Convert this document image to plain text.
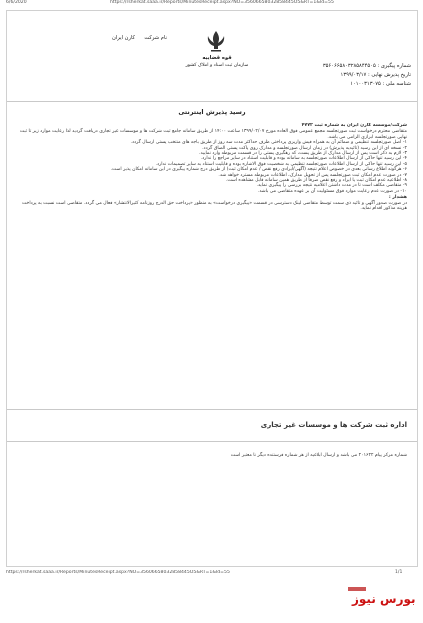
6/6/2020	https://rsherkat.saaa.ir/Reports/MinutesReceipt.aspx?NO=35606658032858445O5&RT=1&Id=55
نام شرکت  کارن ایران
قوه قضاییه
سازمان ثبت اسناد و املاک کشور	شماره پیگیری : ۳۵۶۰۶۶۵۸۰۳۲۸۵۸۴۴۵۰۵
تاریخ پذیرش نهایی : ۱۳۹۹/۰۳/۱۷
شناسه ملی : ۱۰۱۰۰۳۱۳۰۷۵
رسید پذیرش اینترنتی
شرکت/موسسه کارن ایران به شماره ثبت ۴۷۷۲
متقاضی محترم درخواست ثبت صورتجلسه مجمع عمومی فوق العاده مورخ ۱۳۹۹/۰۲/۰۷ ساعت ۱۴:۰۰ از طریق سامانه جامع ثبت شرکت ها و موسسات غیر تجاری دریافت گردید لذا رعایت موارد زیر تا ثبت نهایی صورتجلسه ابرازی الزامی می باشد.
۱- اصل صورتجلسه تنظیمی و ضمائم آن به همراه فیش واریزی پرداختی ظرف حداکثر مدت سه روز از طریق باجه های منتخب پستی ارسال گردد.
۲- نسخه ای از این رسید (تائیدیه پذیرش) در زمان ارسال صورتجلسه و مدارک روی پاکت پستی الصاق گردد.
۳- لازم به ذکر است پس از ارسال مدارک از طریق پست، کد رهگیری پستی را در قسمت مربوطه وارد نمایید.
۴- این رسید تنها حاکی از ارسال اطلاعات صورتجلسه به سامانه بوده و قابلیت استناد در سایر مراجع را ندارد.
۵- این رسید تنها حاکی از ارسال اطلاعات صورتجلسه تنظیمی به شخصیت فوق الاشاره بوده و قابلیت استناد به سایر تصمیمات ندارد.
۶- هرگونه اطلاع رسانی بعدی در خصوص اعلام نتیجه (آگهی/ایرادی رفع نقص / عدم امکان ثبت) از طریق درج شماره پیگیری در این سامانه امکان پذیر است.
۷- در صورت عدم امکان ثبت صورتجلسه پس از تحویل مدارک، اطلاعات مربوطه مسترد خواهد شد.
۸- اطلاعیه عدم امکان ثبت یا ایراد و رفع نقص صرفاً از طریق همین سامانه قابل مشاهده است.
۹- متقاضی مکلف است تا در مدت داشتن اعلامیه نتیجه بررسی را پیگیری نماید.
۱۰- در صورت عدم رعایت موارد فوق مسئولیت آن بر عهده متقاضی می باشد.
هشدار :
در صورت صدور آگهی و تائید ذی سمت توسط متقاضی لینک دسترسی در قسمت «پیگیری درخواست» به منظور «پرداخت حق الدرج روزنامه کثیرالانتشار» فعال می گردد. متقاضی است نسبت به پرداخت هزینه مذکور اقدام نماید.
اداره ثبت شرکت ها و موسسات غیر تجاری
شماره مرکز پیام ۲۰۱۶۲۲ می باشد و ارسال ابلاغیه از هر شماره فرستنده دیگر نا معتبر است
https://rsherkat.saaa.ir/Reports/MinutesReceipt.aspx?NO=35606658032858445O5&RT=1&Id=55	1/1
بورس نیوز
